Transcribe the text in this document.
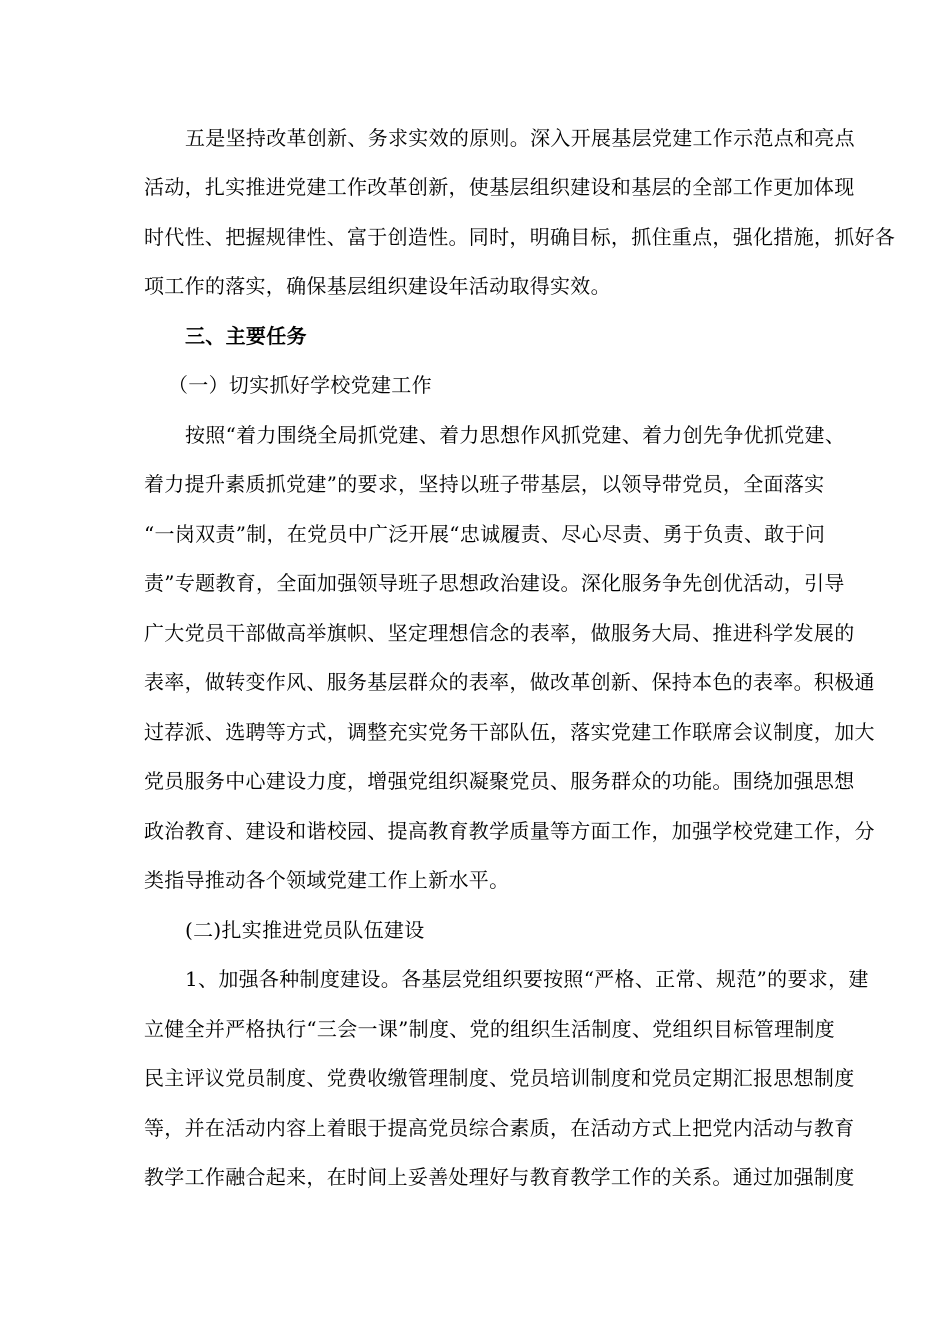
五是坚持改革创新、务求实效的原则。深入开展基层党建工作示范点和亮点
活动，扎实推进党建工作改革创新，使基层组织建设和基层的全部工作更加体现
时代性、把握规律性、富于创造性。同时，明确目标，抓住重点，强化措施，抓好各
项工作的落实，确保基层组织建设年活动取得实效。
三、主要任务
（一）切实抓好学校党建工作
按照“着力围绕全局抓党建、着力思想作风抓党建、着力创先争优抓党建、
着力提升素质抓党建”的要求，坚持以班子带基层，以领导带党员，全面落实
“一岗双责”制，在党员中广泛开展“忠诚履责、尽心尽责、勇于负责、敢于问
责”专题教育，全面加强领导班子思想政治建设。深化服务争先创优活动，引导
广大党员干部做高举旗帜、坚定理想信念的表率，做服务大局、推进科学发展的
表率，做转变作风、服务基层群众的表率，做改革创新、保持本色的表率。积极通
过荐派、选聘等方式，调整充实党务干部队伍，落实党建工作联席会议制度，加大
党员服务中心建设力度，增强党组织凝聚党员、服务群众的功能。围绕加强思想
政治教育、建设和谐校园、提高教育教学质量等方面工作，加强学校党建工作，分
类指导推动各个领域党建工作上新水平。
(二)扎实推进党员队伍建设
1、加强各种制度建设。各基层党组织要按照“严格、正常、规范”的要求，建
立健全并严格执行“三会一课”制度、党的组织生活制度、党组织目标管理制度
民主评议党员制度、党费收缴管理制度、党员培训制度和党员定期汇报思想制度
等，并在活动内容上着眼于提高党员综合素质，在活动方式上把党内活动与教育
教学工作融合起来，在时间上妥善处理好与教育教学工作的关系。通过加强制度
